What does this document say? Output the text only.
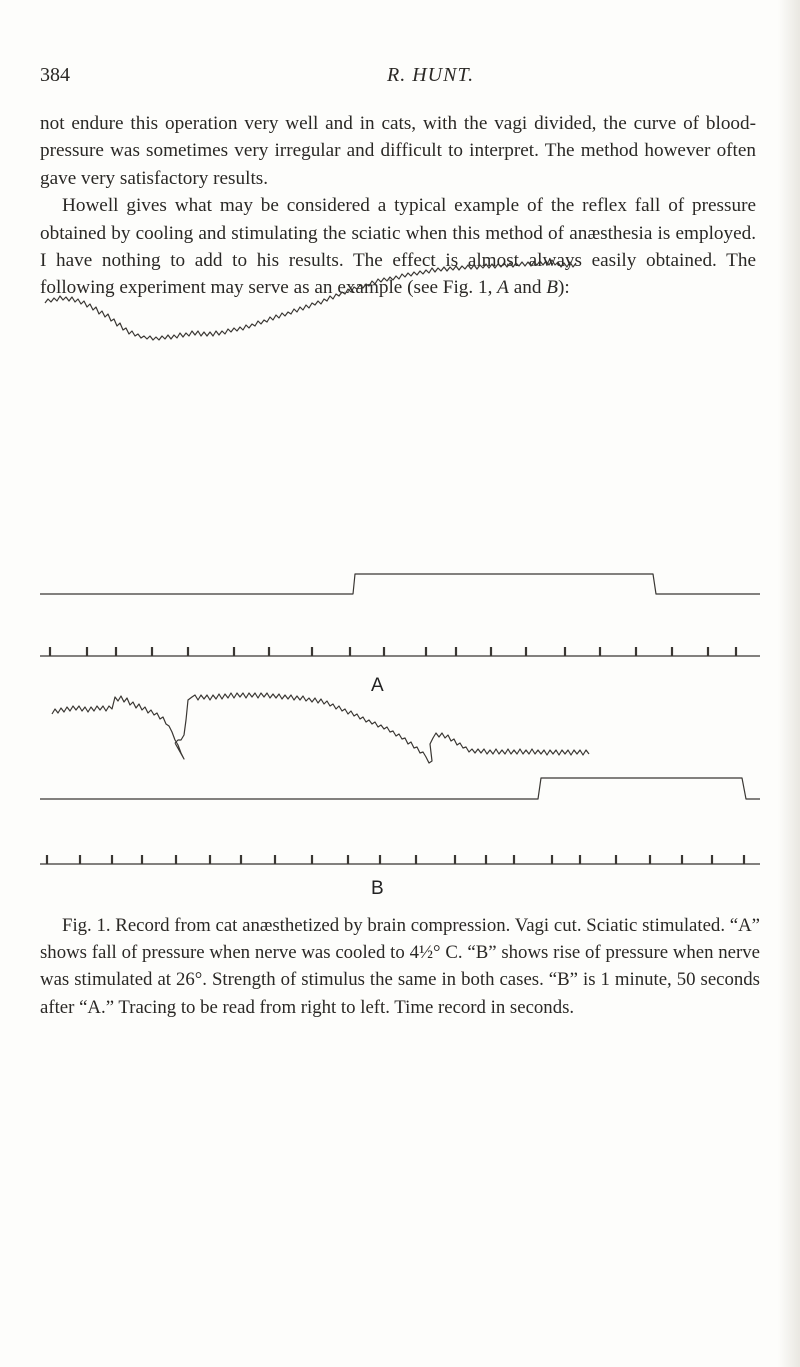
384	R. HUNT.

not endure this operation very well and in cats, with the vagi divided, the curve of blood-pressure was sometimes very irregular and difficult to interpret. The method however often gave very satisfactory results.

Howell gives what may be considered a typical example of the reflex fall of pressure obtained by cooling and stimulating the sciatic when this method of anæsthesia is employed. I have nothing to add to his results. The effect is almost always easily obtained. The following experiment may serve as an example (see Fig. 1, A and B):

A
B
Fig. 1. Record from cat anæsthetized by brain compression. Vagi cut. Sciatic stimulated. “A” shows fall of pressure when nerve was cooled to 4½° C. “B” shows rise of pressure when nerve was stimulated at 26°. Strength of stimulus the same in both cases. “B” is 1 minute, 50 seconds after “A.” Tracing to be read from right to left. Time record in seconds.
